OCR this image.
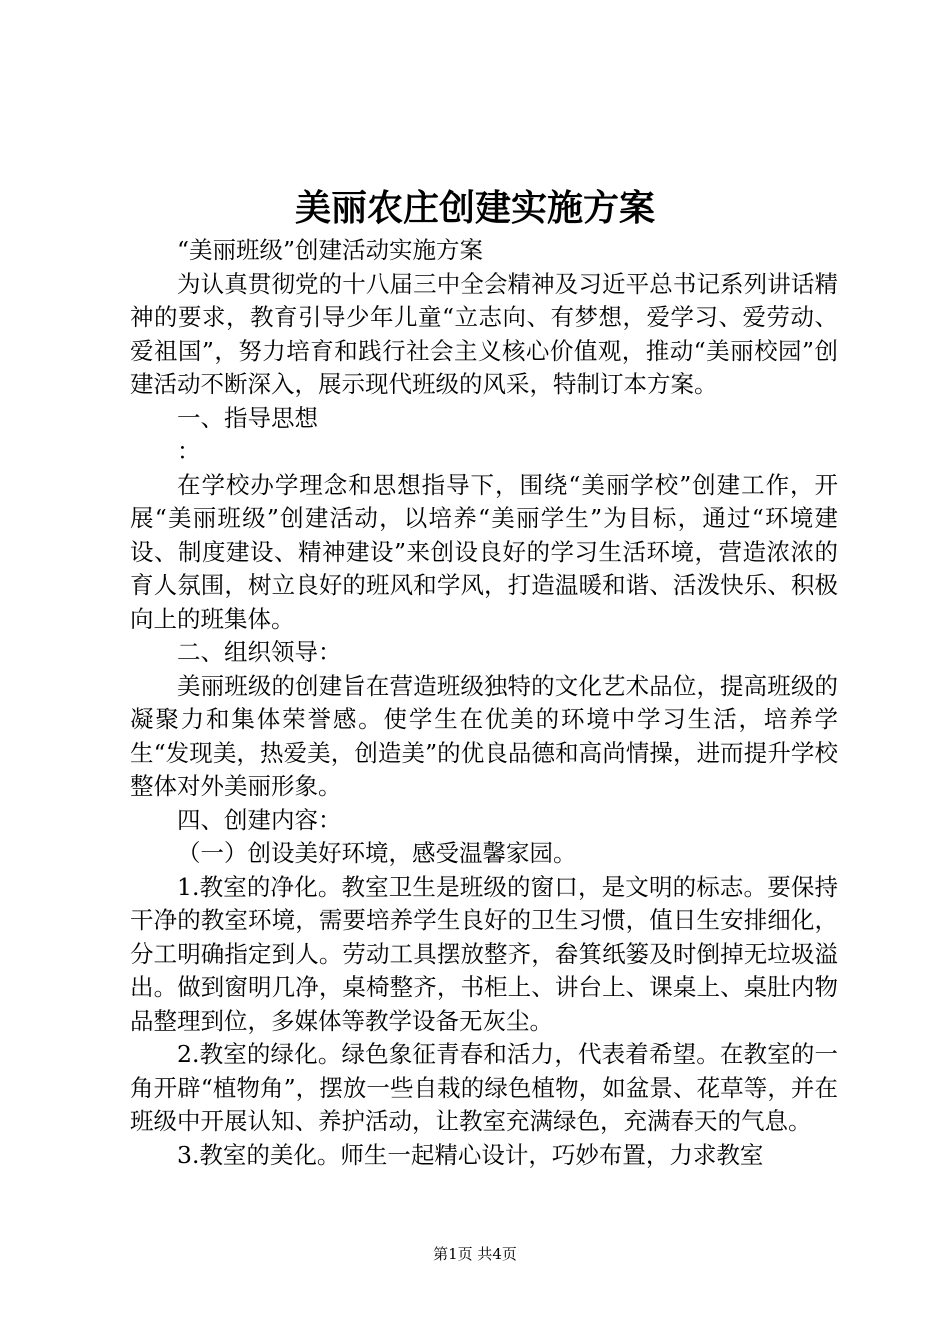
美丽农庄创建实施方案

“美丽班级”创建活动实施方案

为认真贯彻党的十八届三中全会精神及习近平总书记系列讲话精神的要求，教育引导少年儿童“立志向、有梦想，爱学习、爱劳动、爱祖国”，努力培育和践行社会主义核心价值观，推动“美丽校园”创建活动不断深入，展示现代班级的风采，特制订本方案。

一、指导思想

：

在学校办学理念和思想指导下，围绕“美丽学校”创建工作，开展“美丽班级”创建活动，以培养“美丽学生”为目标，通过“环境建设、制度建设、精神建设”来创设良好的学习生活环境，营造浓浓的育人氛围，树立良好的班风和学风，打造温暖和谐、活泼快乐、积极向上的班集体。

二、组织领导：

美丽班级的创建旨在营造班级独特的文化艺术品位，提高班级的凝聚力和集体荣誉感。使学生在优美的环境中学习生活，培养学生“发现美，热爱美，创造美”的优良品德和高尚情操，进而提升学校整体对外美丽形象。

四、创建内容：

（一）创设美好环境，感受温馨家园。

1.教室的净化。教室卫生是班级的窗口，是文明的标志。要保持干净的教室环境，需要培养学生良好的卫生习惯，值日生安排细化，分工明确指定到人。劳动工具摆放整齐，畚箕纸篓及时倒掉无垃圾溢出。做到窗明几净，桌椅整齐，书柜上、讲台上、课桌上、桌肚内物品整理到位，多媒体等教学设备无灰尘。

2.教室的绿化。绿色象征青春和活力，代表着希望。在教室的一角开辟“植物角”，摆放一些自栽的绿色植物，如盆景、花草等，并在班级中开展认知、养护活动，让教室充满绿色，充满春天的气息。

3.教室的美化。师生一起精心设计，巧妙布置，力求教室

第1页 共4页
